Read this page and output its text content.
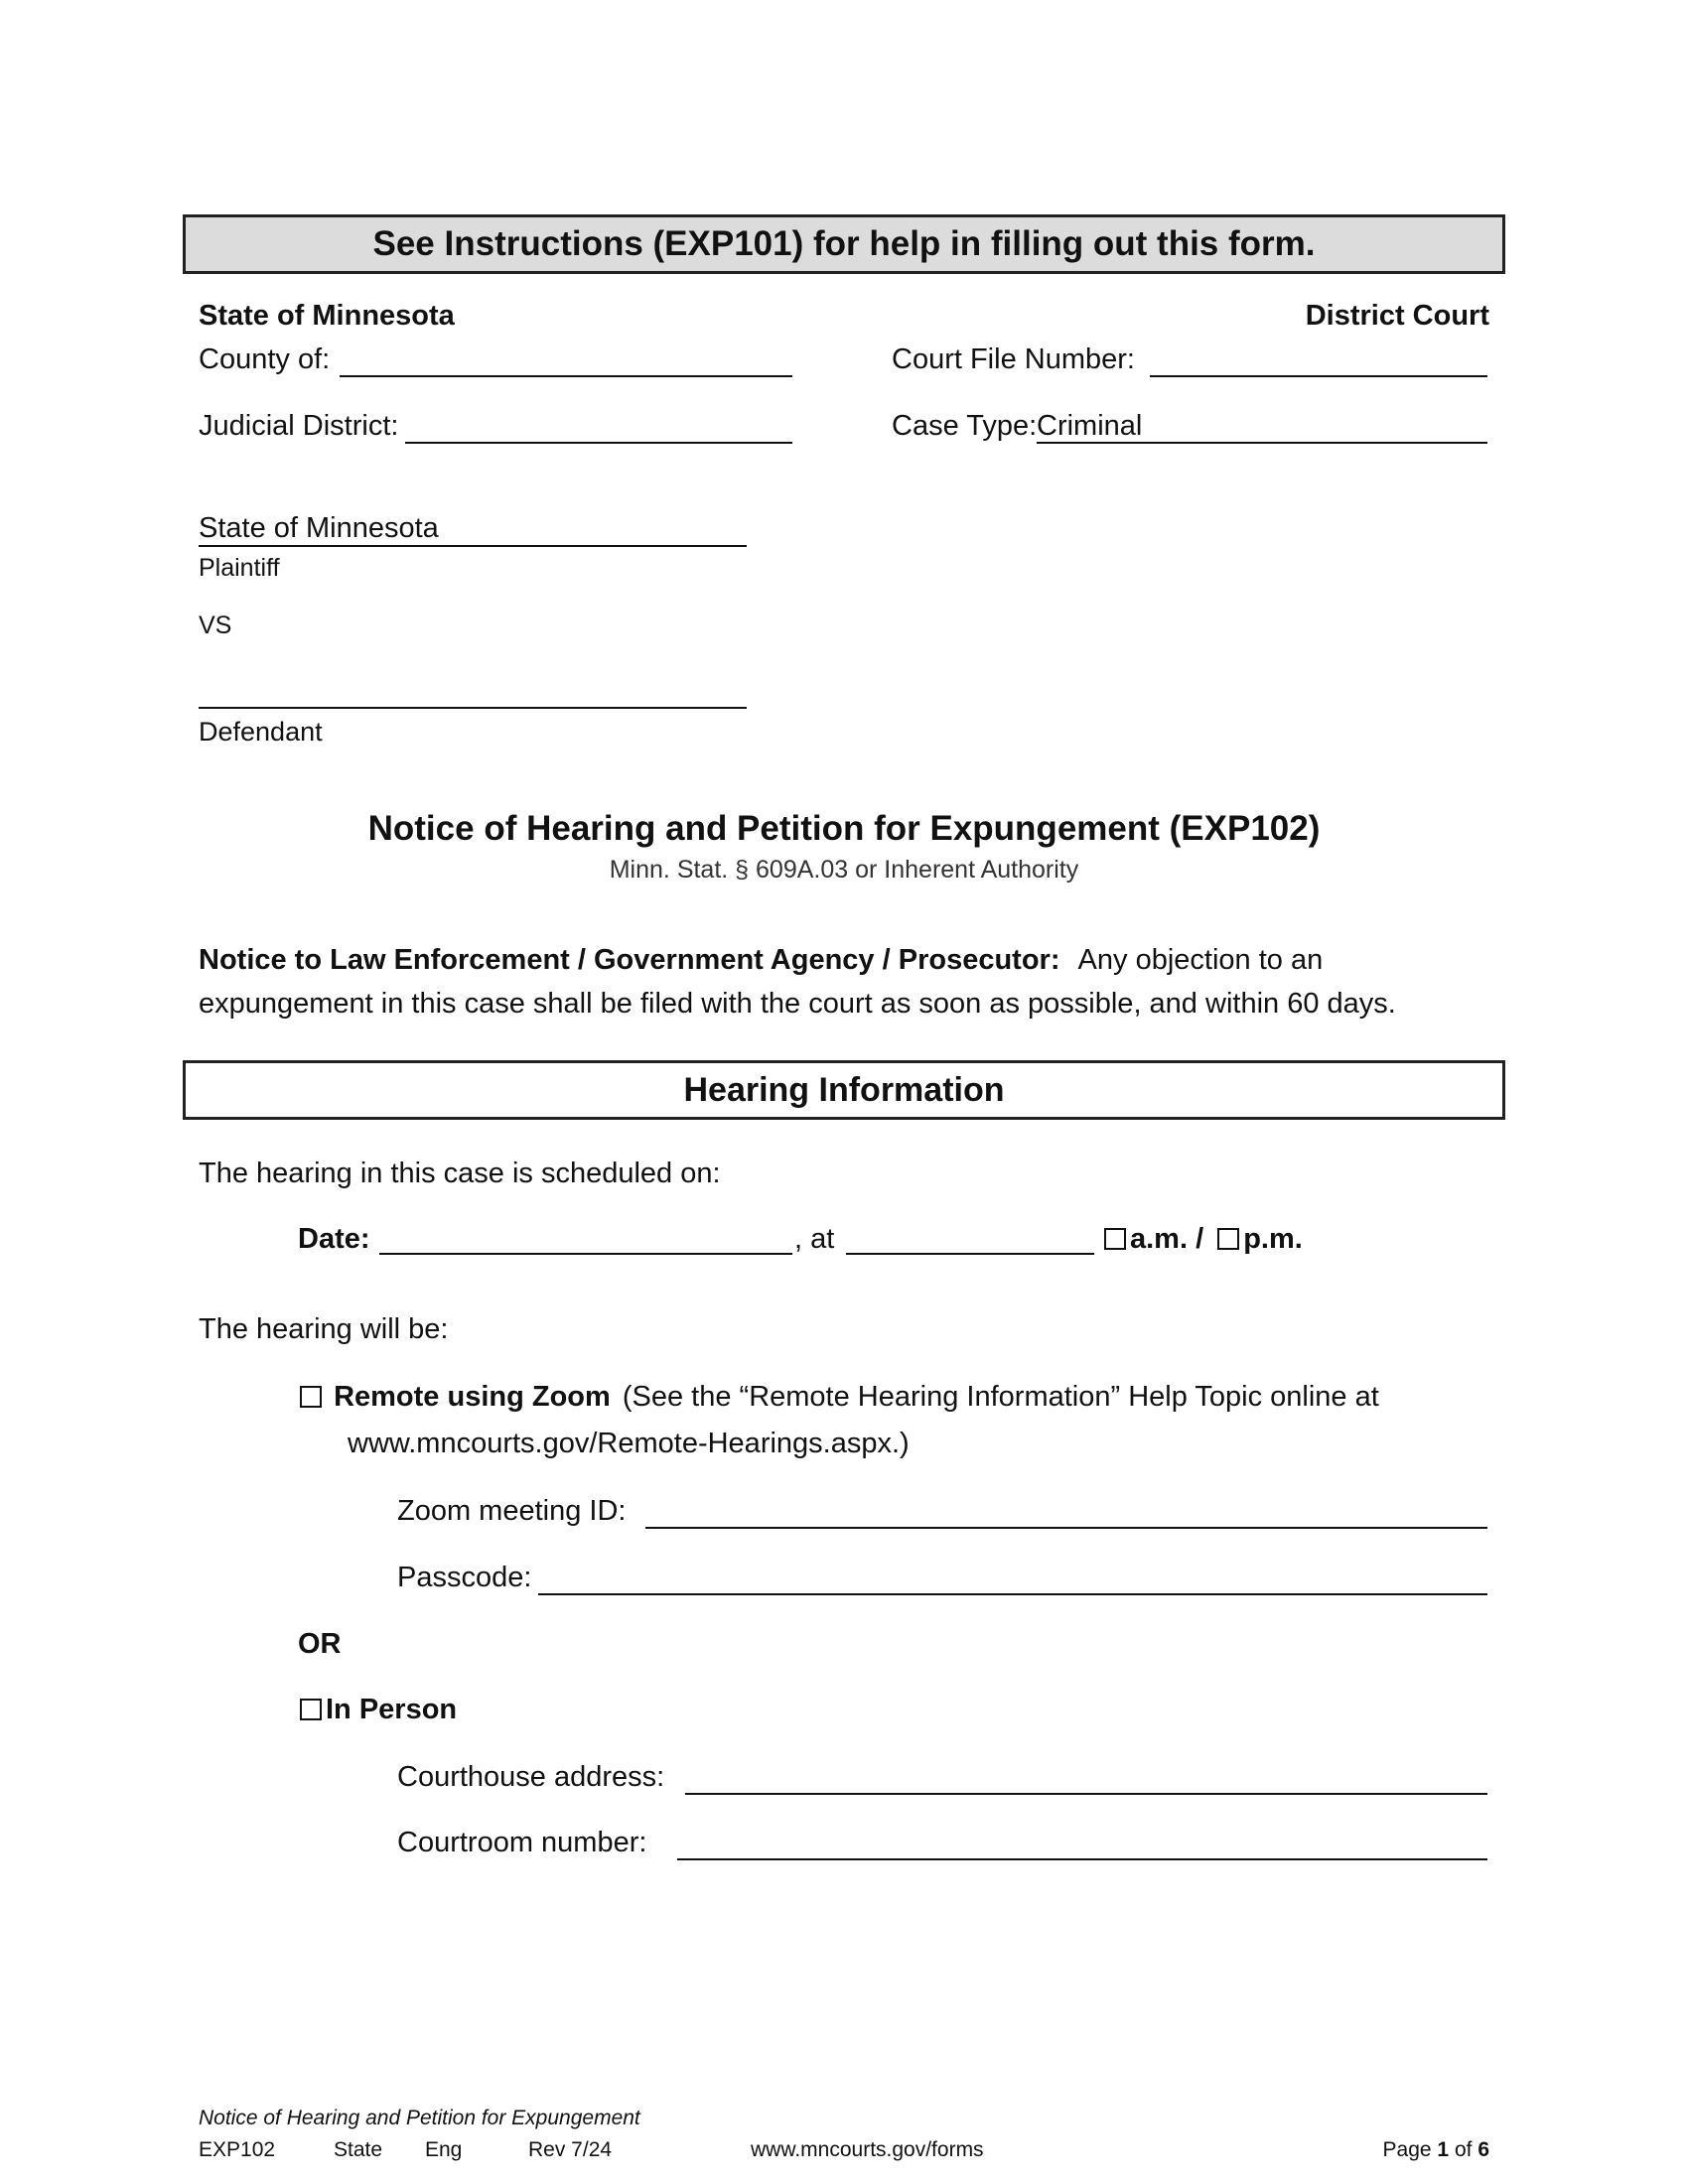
See Instructions (EXP101) for help in filling out this form.
State of Minnesota	District Court
County of:	Court File Number:
Judicial District:	Case Type: Criminal
State of Minnesota
Plaintiff
VS
Defendant
Notice of Hearing and Petition for Expungement (EXP102)
Minn. Stat. § 609A.03 or Inherent Authority
Notice to Law Enforcement / Government Agency / Prosecutor: Any objection to an
expungement in this case shall be filed with the court as soon as possible, and within 60 days.
Hearing Information
The hearing in this case is scheduled on:
Date:	, at	a.m. / p.m.
The hearing will be:
Remote using Zoom (See the “Remote Hearing Information” Help Topic online at
www.mncourts.gov/Remote-Hearings.aspx.)
Zoom meeting ID:
Passcode:
OR
In Person
Courthouse address:
Courtroom number:
Notice of Hearing and Petition for Expungement
EXP102	State Eng	Rev 7/24	www.mncourts.gov/forms	Page 1 of 6
